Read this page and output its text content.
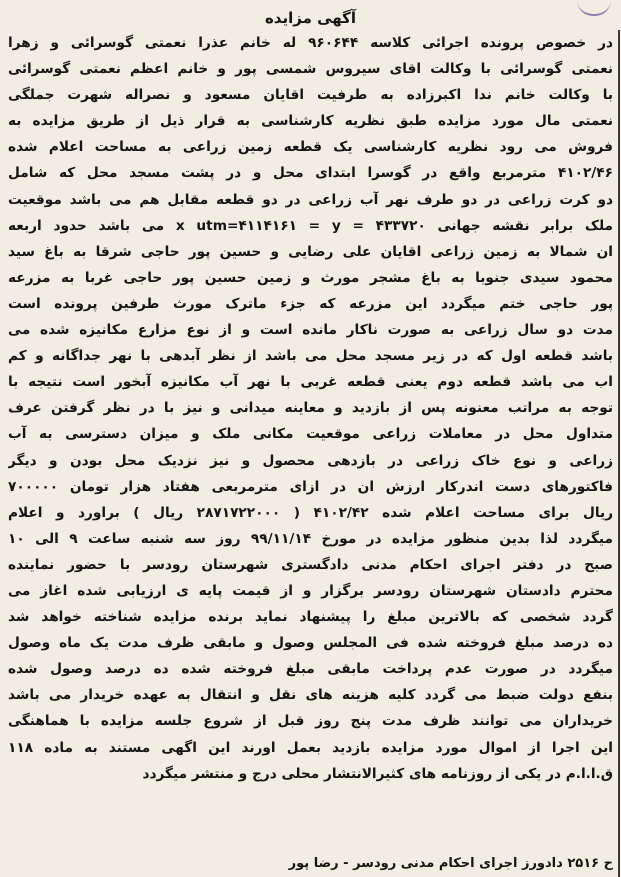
آگهی مزایده
در خصوص پرونده اجرائی کلاسه ۹۶۰۶۴۴ له خانم عذرا نعمتی گوسرائی و زهرا
نعمتی گوسرائی با وکالت اقای سیروس شمسی پور و خانم اعظم نعمتی گوسرائی
با وکالت خانم ندا اکبرزاده به طرفیت اقایان مسعود و نصراله شهرت جملگی
نعمتی مال مورد مزایده طبق نظریه کارشناسی به قرار ذیل از طریق مزایده به
فروش می رود نظریه کارشناسی یک قطعه زمین زراعی به مساحت اعلام شده
۴۱۰۲/۴۶ مترمربع واقع در گوسرا ابتدای محل و در پشت مسجد محل که شامل
دو کرت زراعی در دو طرف نهر آب زراعی در دو قطعه مقابل هم می باشد موقعیت
ملک برابر نقشه جهانی ۴۳۳۷۲۰ = x utm=۴۱۱۴۱۶۱ = y می باشد حدود اربعه
ان شمالا به زمین زراعی اقایان علی رضایی و حسین پور حاجی شرقا به باغ سید
محمود سیدی جنوبا به باغ مشجر مورث و زمین حسین پور حاجی غربا به مزرعه
پور حاجی ختم میگردد این مزرعه که جزء ماترک مورث طرفین پرونده است
مدت دو سال زراعی به صورت ناکار مانده است و از نوع مزارع مکانیزه شده می
باشد قطعه اول که در زیر مسجد محل می باشد از نظر آبدهی با نهر جداگانه و کم
اب می باشد قطعه دوم یعنی قطعه غربی با نهر آب مکانیزه آبخور است نتیجه با
توجه به مراتب معنونه پس از بازدید و معاینه میدانی و نیز با در نظر گرفتن عرف
متداول محل در معاملات زراعی موقعیت مکانی ملک و میزان دسترسی به آب
زراعی و نوع خاک زراعی در بازدهی محصول و نیز نزدیک محل بودن و دیگر
فاکتورهای دست اندرکار ارزش ان در ازای مترمربعی هفتاد هزار تومان ۷۰۰۰۰۰
ریال برای مساحت اعلام شده ۴۱۰۲/۴۲ ( ۲۸۷۱۷۲۲۰۰۰ ریال ) براورد و اعلام
میگردد لذا بدین منظور مزایده در مورخ ۹۹/۱۱/۱۴ روز سه شنبه ساعت ۹ الی ۱۰
صبح در دفتر اجرای احکام مدنی دادگستری شهرستان رودسر با حضور نماینده
محترم دادستان شهرستان رودسر برگزار و از قیمت پایه ی ارزیابی شده اغاز می
گردد شخصی که بالاترین مبلغ را پیشنهاد نماید برنده مزایده شناخته خواهد شد
ده درصد مبلغ فروخته شده فی المجلس وصول و مابقی ظرف مدت یک ماه وصول
میگردد در صورت عدم پرداخت مابقی مبلغ فروخته شده ده درصد وصول شده
بنفع دولت ضبط می گردد کلیه هزینه های نقل و انتقال به عهده خریدار می باشد
خریداران می توانند ظرف مدت پنج روز قبل از شروع جلسه مزایده با هماهنگی
این اجرا از اموال مورد مزایده بازدید بعمل اورند این اگهی مستند به ماده ۱۱۸
ق.ا.ا.م در یکی از روزنامه های کثیرالانتشار محلی درج و منتشر میگردد
ح ۲۵۱۶ دادورز اجرای احکام مدنی رودسر - رضا پور
